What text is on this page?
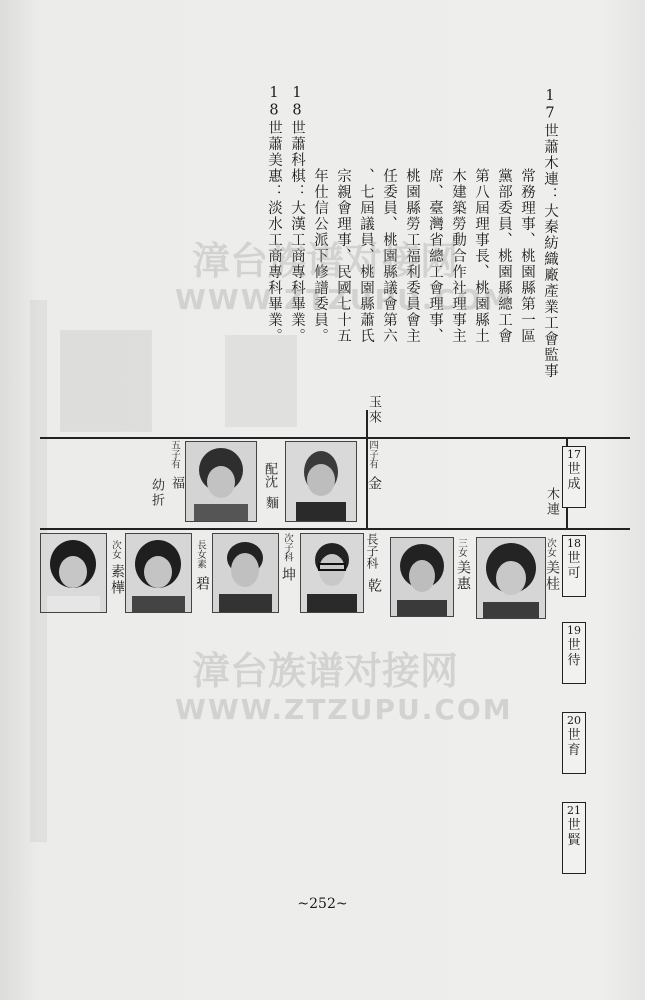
17世蕭木連：大秦紡織廠產業工會監事
常務理事、桃園縣第一區
黨部委員、桃園縣總工會
第八屆理事長、桃園縣土
木建築勞動合作社理事主
席、臺灣省總工會理事、
桃園縣勞工福利委員會主
任委員、桃園縣議會第六
、七屆議員、桃園縣蕭氏
宗親會理事、民國七十五
年仕信公派下修譜委員。
18世蕭科棋：大漢工商專科畢業。
18世蕭美惠：淡水工商專科畢業。
漳台族谱对接网
WWW.ZTZUPU.COM
漳台族谱对接网
WWW.ZTZUPU.COM
玉來
木連
四子有
金
配沈
麵
五子有
福
幼折
長子科
乾
次子科
坤
長女素
碧
次女
素樺
三女
美惠
次女
美桂
17
世
成
18
世
可
19
世
待
20
世
育
21
世
賢
~252~
